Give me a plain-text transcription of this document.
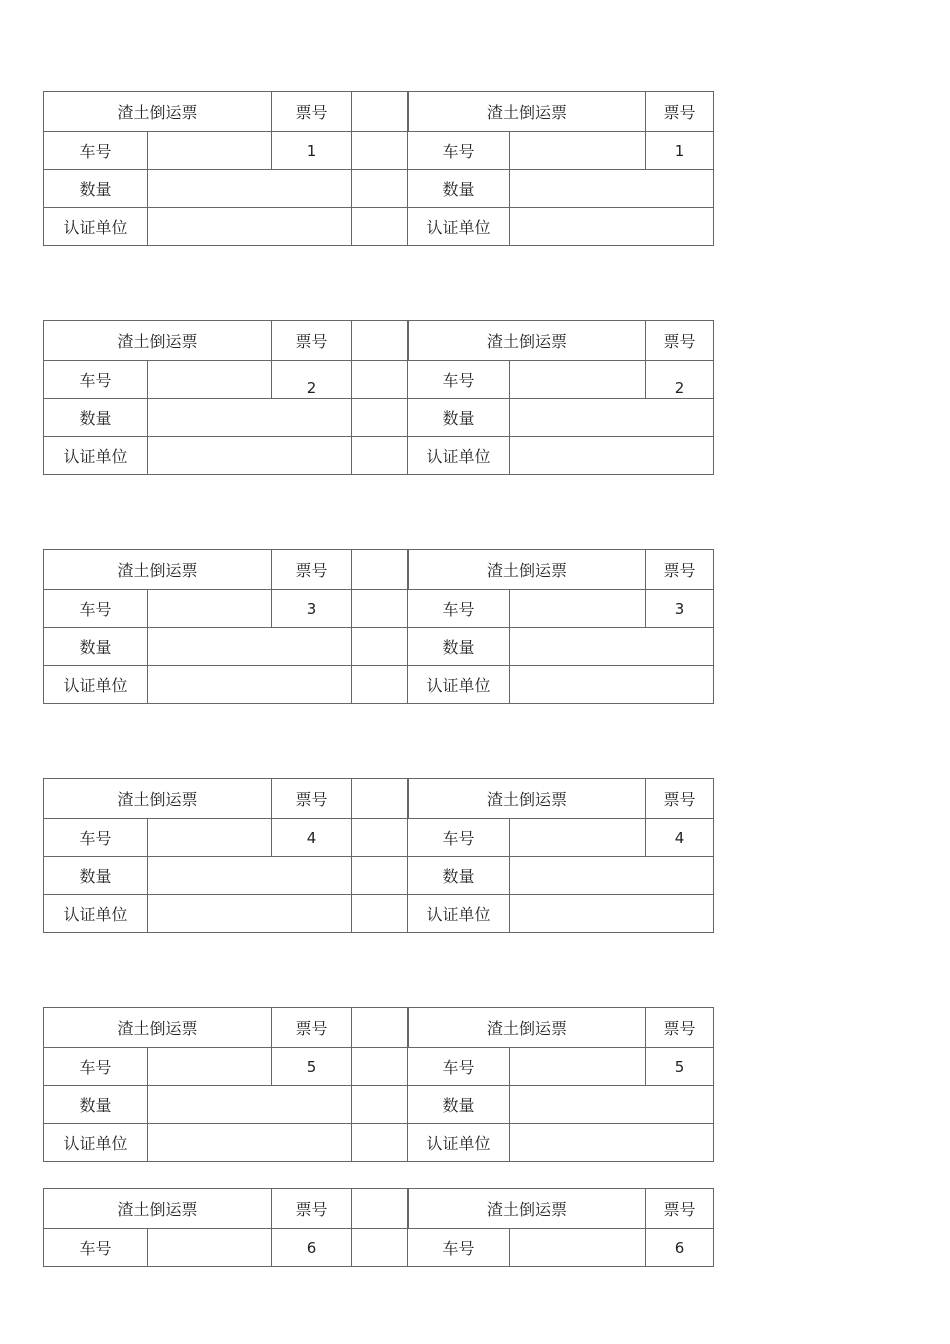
渣土倒运票	票号	渣土倒运票	票号
车号	1	车号	1
数量	数量
认证单位	认证单位
渣土倒运票	票号	渣土倒运票	票号
车号	2	车号	2
数量	数量
认证单位	认证单位
渣土倒运票	票号	渣土倒运票	票号
车号	3	车号	3
数量	数量
认证单位	认证单位
渣土倒运票	票号	渣土倒运票	票号
车号	4	车号	4
数量	数量
认证单位	认证单位
渣土倒运票	票号	渣土倒运票	票号
车号	5	车号	5
数量	数量
认证单位	认证单位
渣土倒运票	票号	渣土倒运票	票号
车号	6	车号	6
